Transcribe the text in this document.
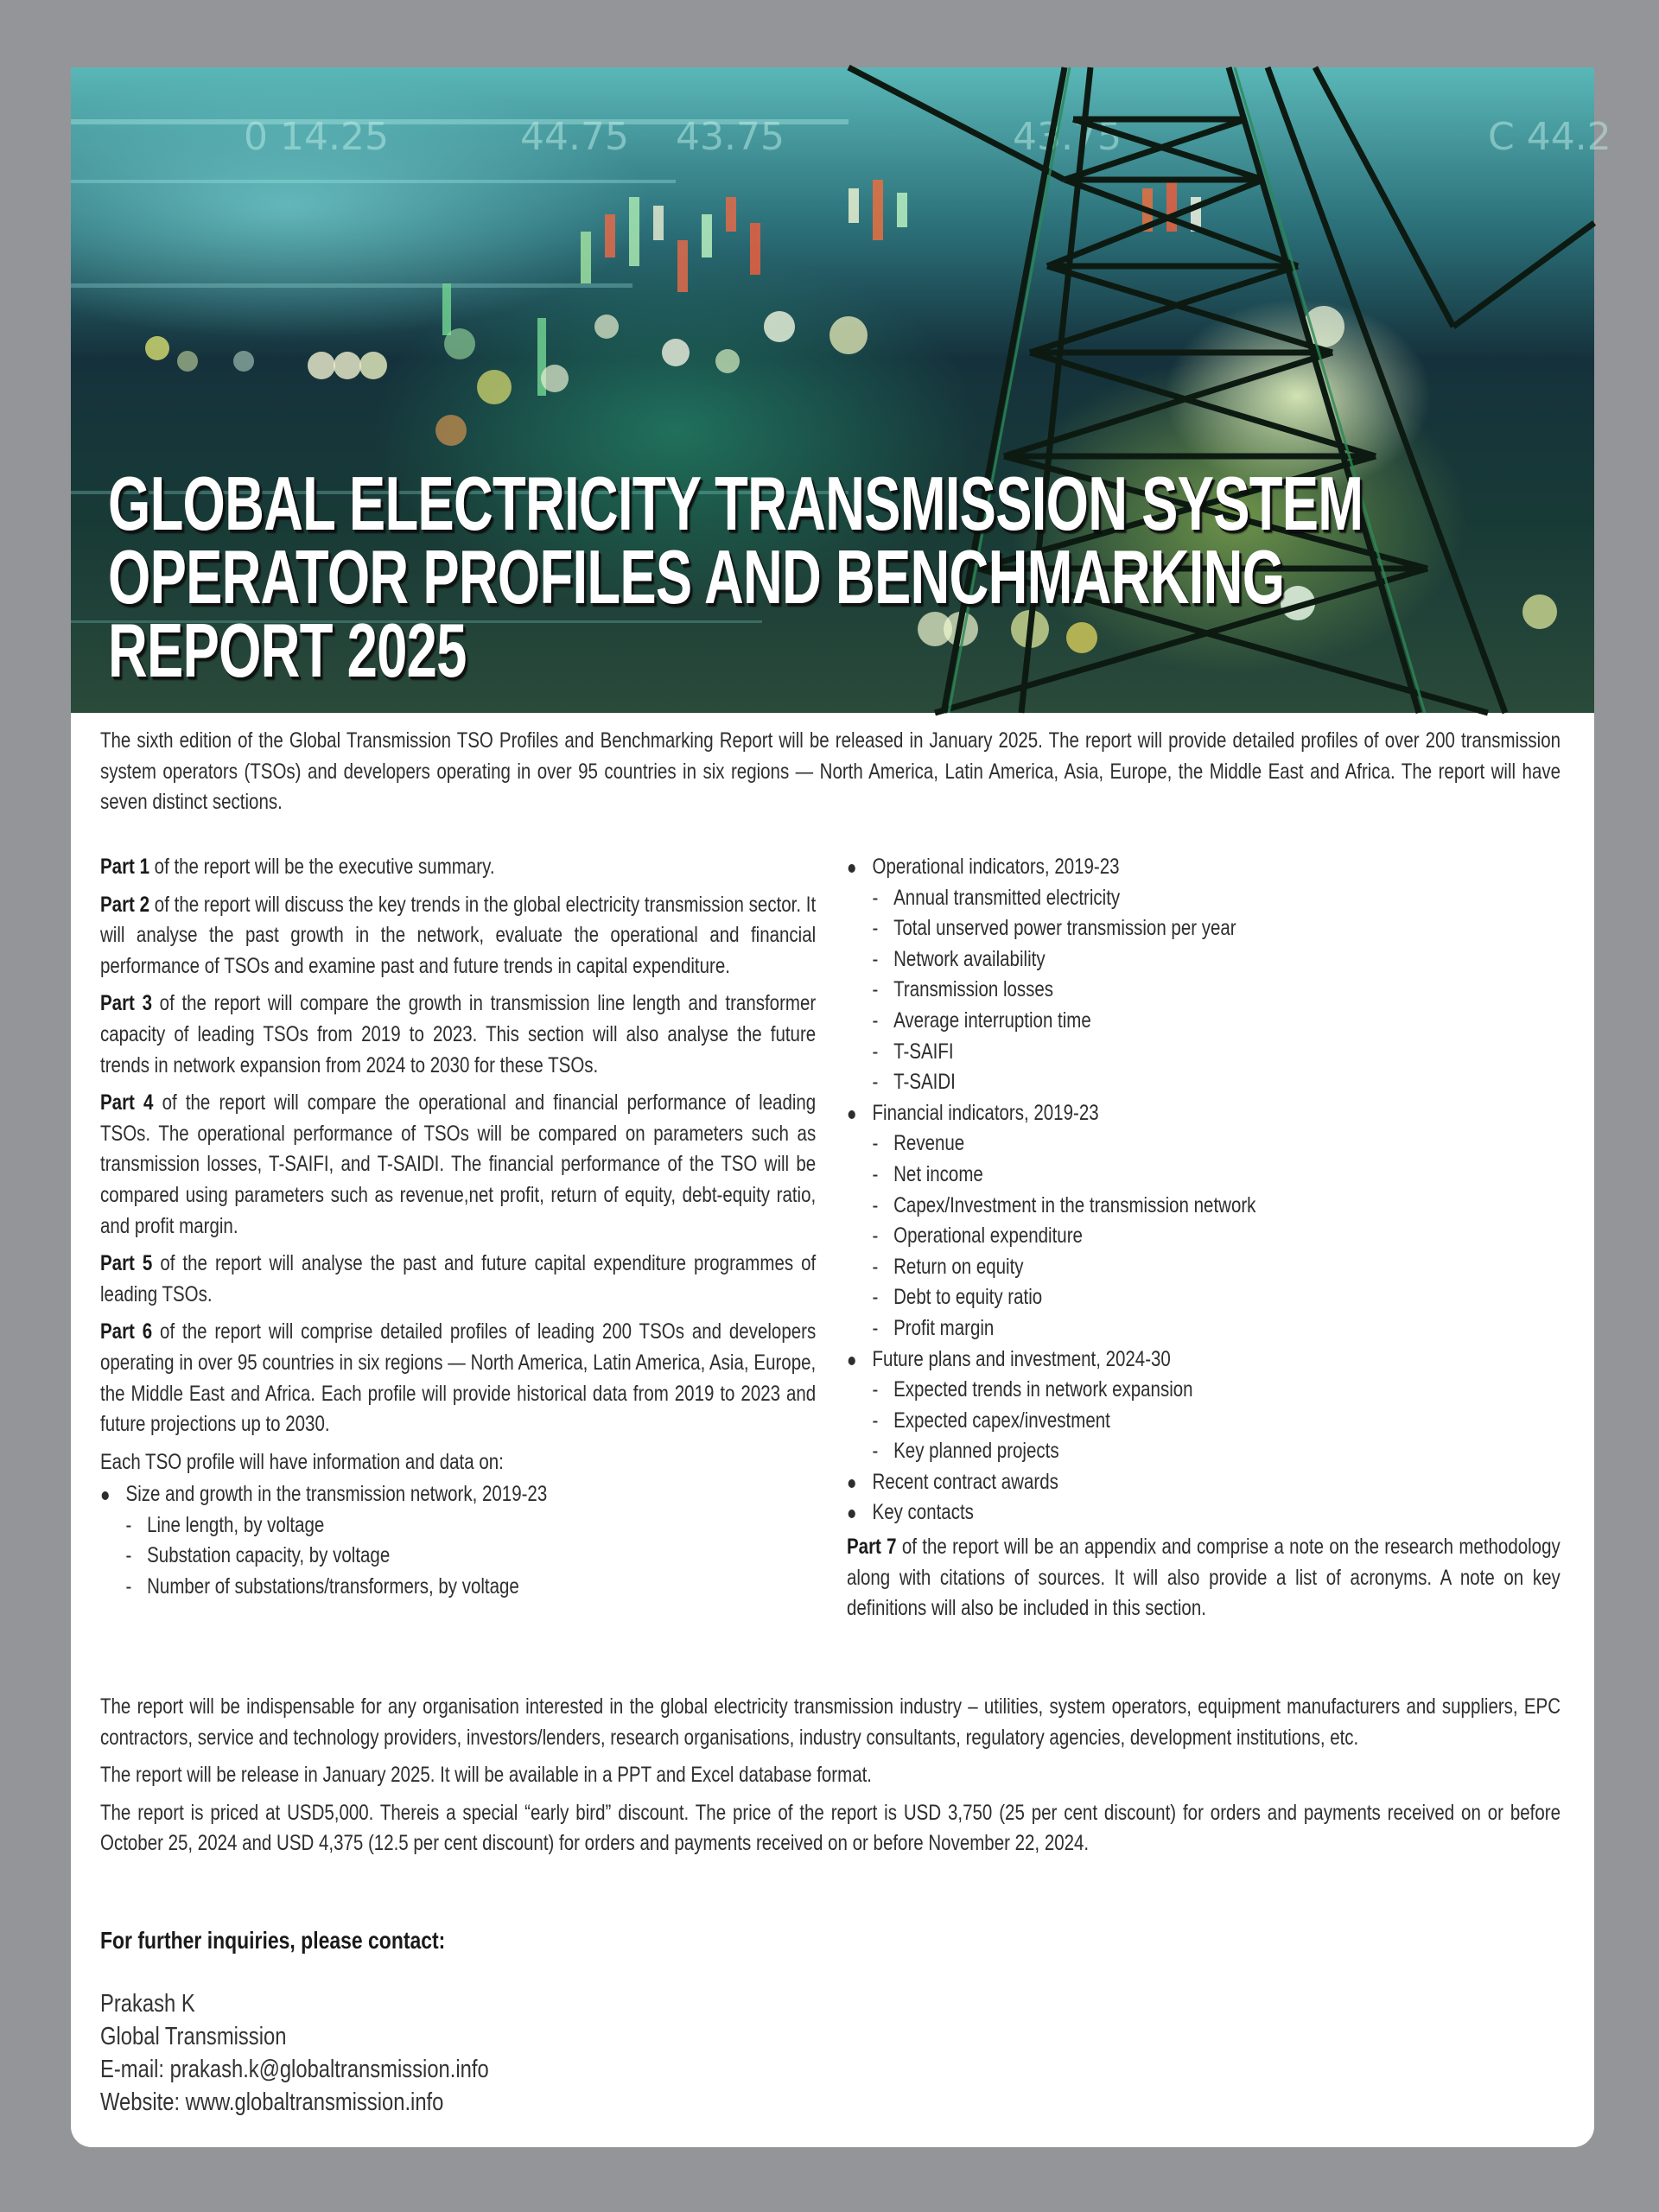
0 14.25	44.75 43.75	43.75	C 44.2
GLOBAL ELECTRICITY TRANSMISSION SYSTEM
OPERATOR PROFILES AND BENCHMARKING
REPORT 2025

The sixth edition of the Global Transmission TSO Profiles and Benchmarking Report will be released in January 2025. The report will provide detailed profiles of over 200 transmission system operators (TSOs) and developers operating in over 95 countries in six regions — North America, Latin America, Asia, Europe, the Middle East and Africa. The report will have seven distinct sections.

Part 1 of the report will be the executive summary.

Part 2 of the report will discuss the key trends in the global electricity transmission sector. It will analyse the past growth in the network, evaluate the operational and financial performance of TSOs and examine past and future trends in capital expenditure.

Part 3 of the report will compare the growth in transmission line length and transformer capacity of leading TSOs from 2019 to 2023. This section will also analyse the future trends in network expansion from 2024 to 2030 for these TSOs.

Part 4 of the report will compare the operational and financial performance of leading TSOs. The operational performance of TSOs will be compared on parameters such as transmission losses, T-SAIFI, and T-SAIDI. The financial performance of the TSO will be compared using parameters such as revenue,net profit, return of equity, debt-equity ratio, and profit margin.

Part 5 of the report will analyse the past and future capital expenditure programmes of leading TSOs.

Part 6 of the report will comprise detailed profiles of leading 200 TSOs and developers operating in over 95 countries in six regions — North America, Latin America, Asia, Europe, the Middle East and Africa. Each profile will provide historical data from 2019 to 2023 and future projections up to 2030.

Each TSO profile will have information and data on:

Size and growth in the transmission network, 2019-23
- Line length, by voltage
- Substation capacity, by voltage
- Number of substations/transformers, by voltage
Operational indicators, 2019-23
- Annual transmitted electricity
- Total unserved power transmission per year
- Network availability
- Transmission losses
- Average interruption time
- T-SAIFI
- T-SAIDI
Financial indicators, 2019-23
- Revenue
- Net income
- Capex/Investment in the transmission network
- Operational expenditure
- Return on equity
- Debt to equity ratio
- Profit margin
Future plans and investment, 2024-30
- Expected trends in network expansion
- Expected capex/investment
- Key planned projects
Recent contract awards
Key contacts

Part 7 of the report will be an appendix and comprise a note on the research methodology along with citations of sources. It will also provide a list of acronyms. A note on key definitions will also be included in this section.

The report will be indispensable for any organisation interested in the global electricity transmission industry – utilities, system operators, equipment manufacturers and suppliers, EPC contractors, service and technology providers, investors/lenders, research organisations, industry consultants, regulatory agencies, development institutions, etc.

The report will be release in January 2025. It will be available in a PPT and Excel database format.

The report is priced at USD5,000. Thereis a special “early bird” discount. The price of the report is USD 3,750 (25 per cent discount) for orders and payments received on or before October 25, 2024 and USD 4,375 (12.5 per cent discount) for orders and payments received on or before November 22, 2024.

For further inquiries, please contact:
Prakash K
Global Transmission
E-mail: prakash.k@globaltransmission.info
Website: www.globaltransmission.info
